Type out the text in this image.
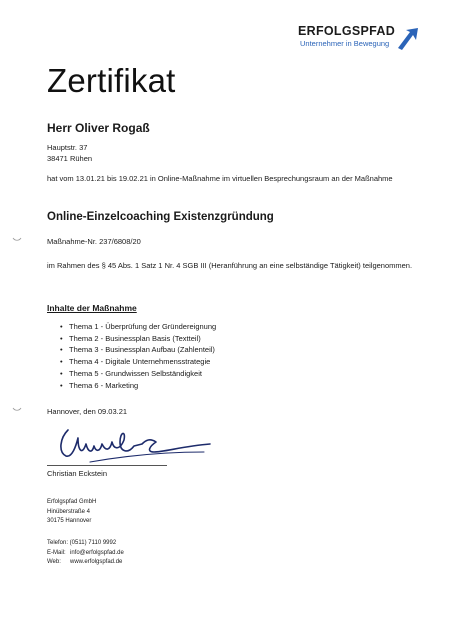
ERFOLGSPFAD
Unternehmer in Bewegung
Zertifikat
Herr Oliver Rogaß
Hauptstr. 37
38471 Rühen
hat vom 13.01.21 bis 19.02.21 in Online-Maßnahme im virtuellen Besprechungsraum an der Maßnahme
Online-Einzelcoaching Existenzgründung
Maßnahme-Nr. 237/6808/20
im Rahmen des § 45 Abs. 1 Satz 1 Nr. 4 SGB III (Heranführung an eine selbständige Tätigkeit) teilgenommen.
Inhalte der Maßnahme
• Thema 1 - Überprüfung der Gründereignung
• Thema 2 - Businessplan Basis (Textteil)
• Thema 3 - Businessplan Aufbau (Zahlenteil)
• Thema 4 - Digitale Unternehmensstrategie
• Thema 5 - Grundwissen Selbständigkeit
• Thema 6 - Marketing
Hannover, den 09.03.21
Christian Eckstein
Erfolgspfad GmbH
Hinüberstraße 4
30175 Hannover
Telefon: (0511) 7110 9992
E-Mail: info@erfolgspfad.de
Web: www.erfolgspfad.de
